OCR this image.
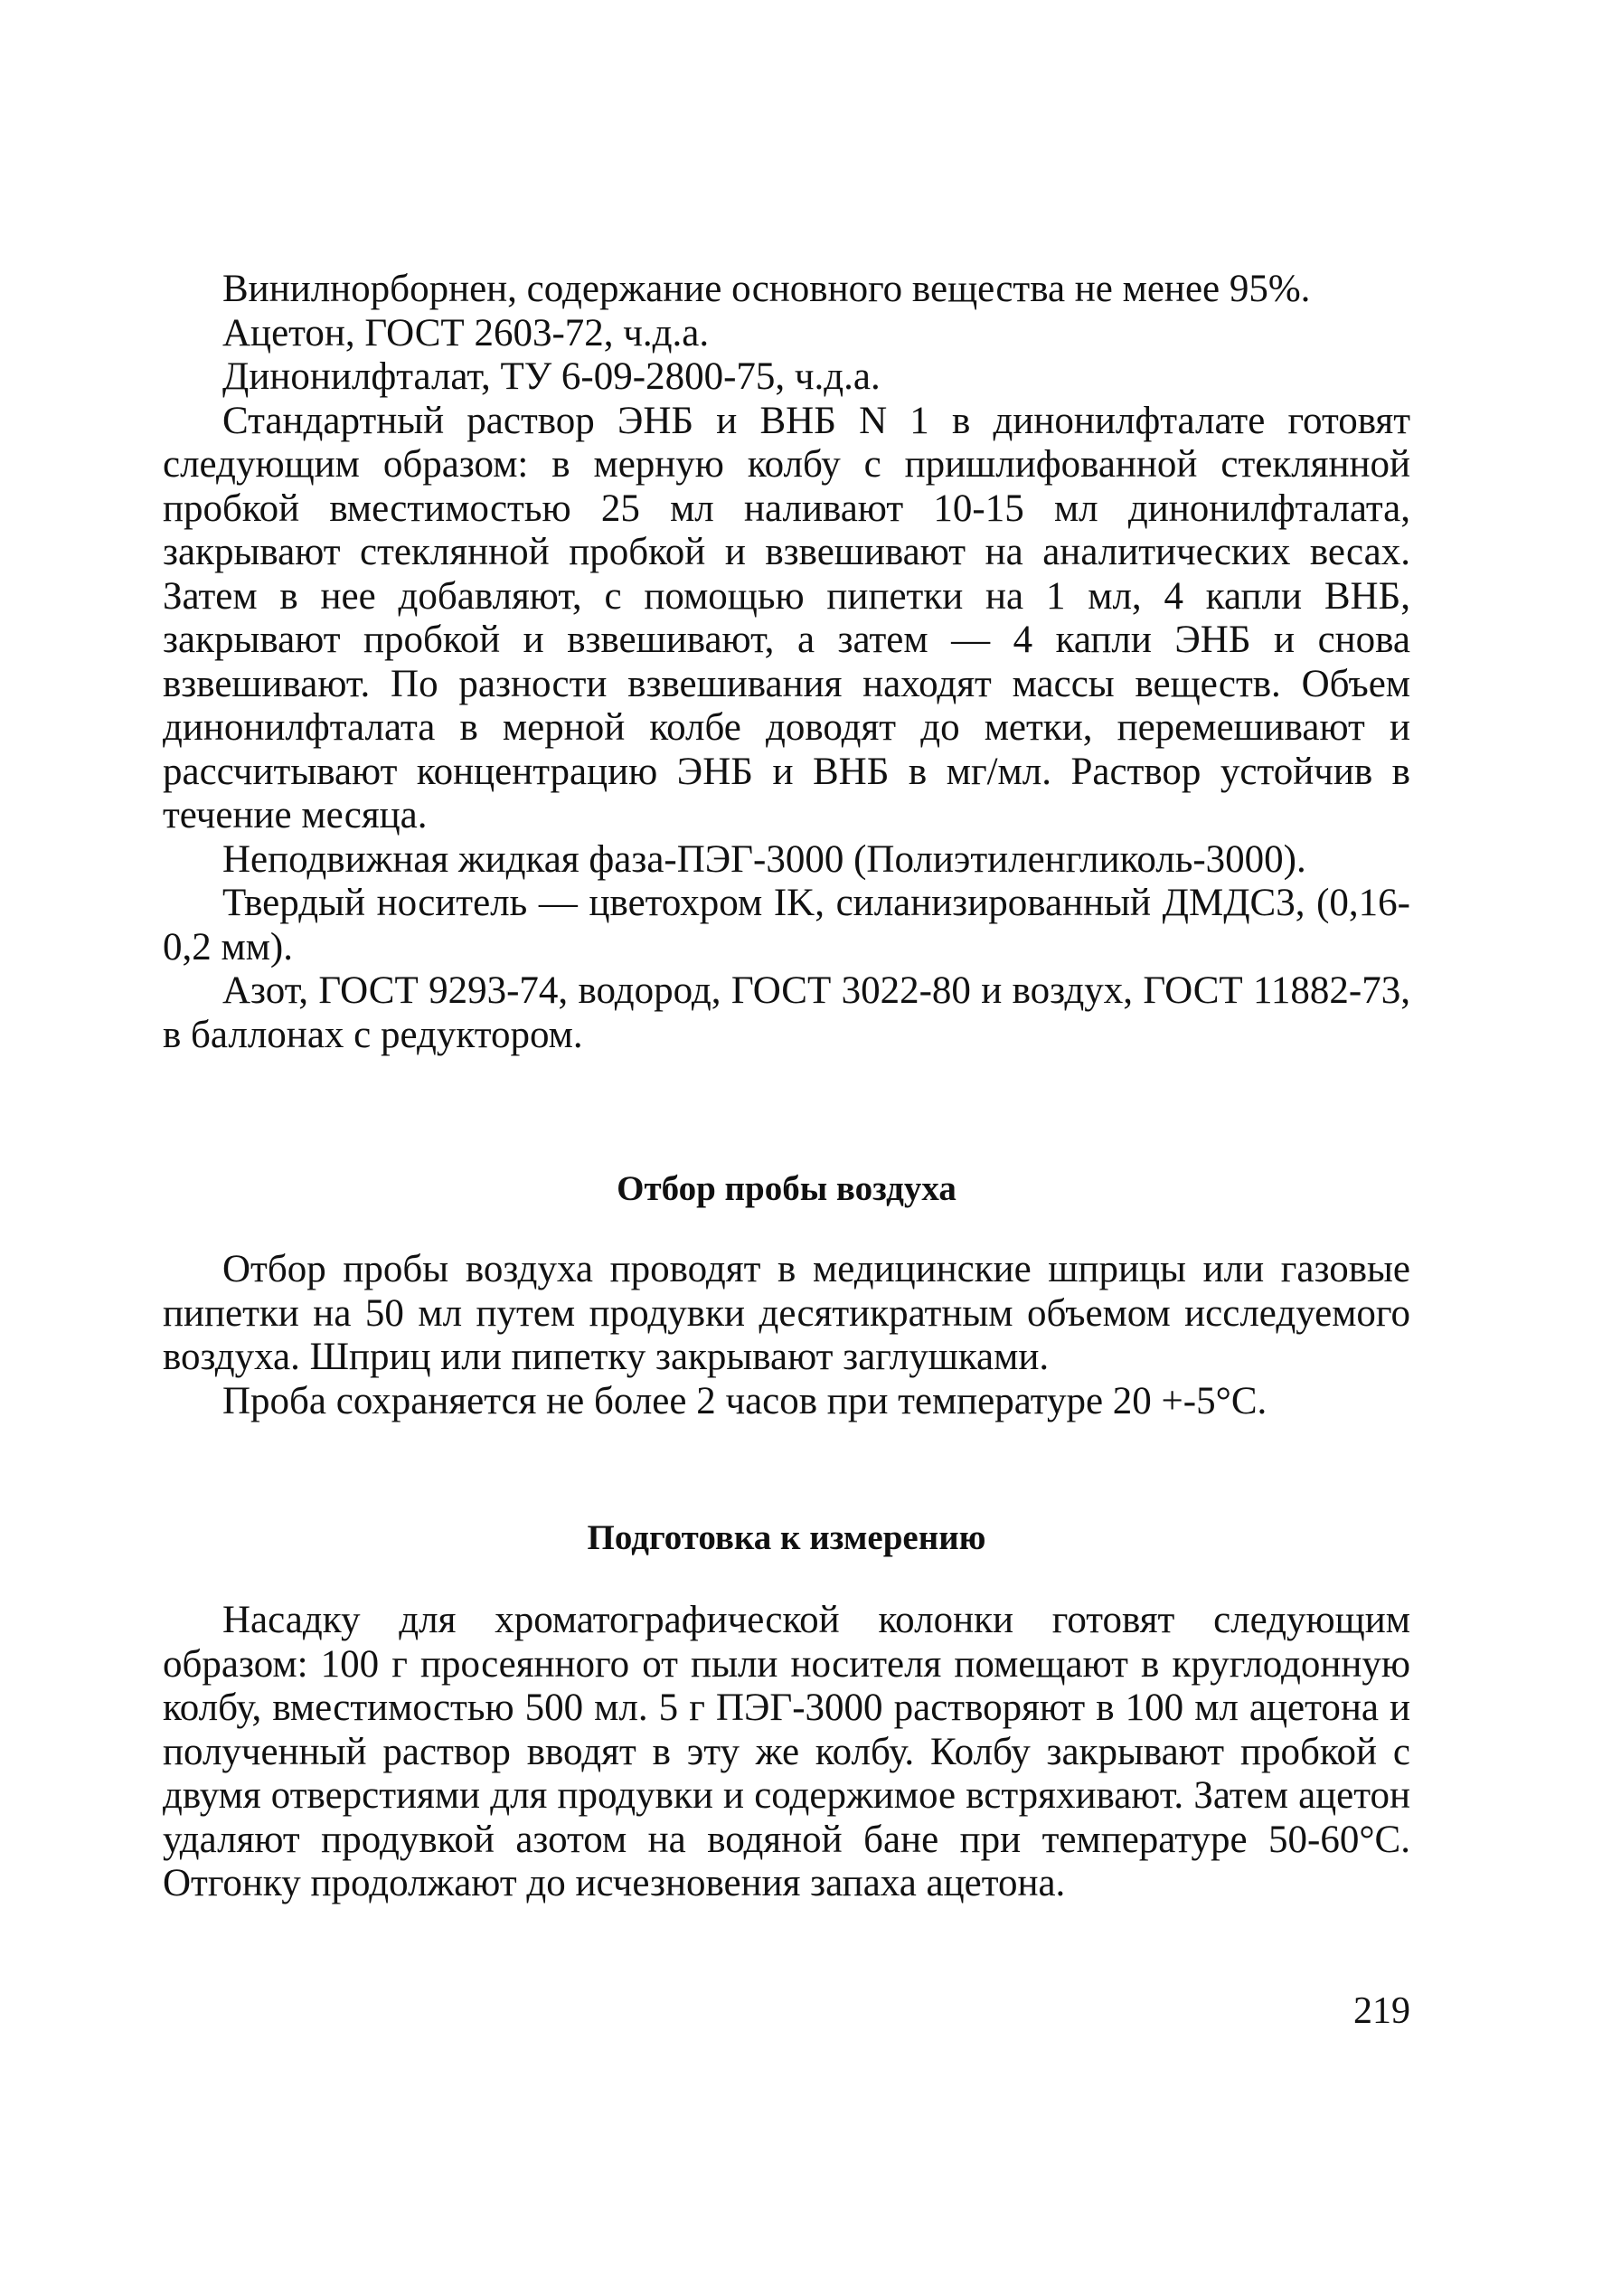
Винилнорборнен, содержание основного вещества не менее 95%.

Ацетон, ГОСТ 2603-72, ч.д.а.

Динонилфталат, ТУ 6-09-2800-75, ч.д.а.

Стандартный раствор ЭНБ и ВНБ N 1 в динонилфталате готовят следующим образом: в мерную колбу с пришлифованной стеклянной пробкой вместимостью 25 мл наливают 10-15 мл динонилфталата, закрывают стеклянной пробкой и взвешивают на аналитических весах. Затем в нее добавляют, с помощью пипетки на 1 мл, 4 капли ВНБ, закрывают пробкой и взвешивают, а затем — 4 капли ЭНБ и снова взвешивают. По разности взвешивания находят массы веществ. Объем динонилфталата в мерной колбе доводят до метки, перемешивают и рассчитывают концентрацию ЭНБ и ВНБ в мг/мл. Раствор устойчив в течение месяца.

Неподвижная жидкая фаза-ПЭГ-3000 (Полиэтиленгликоль-3000).

Твердый носитель — цветохром IK, силанизированный ДМДС3, (0,16-0,2 мм).

Азот, ГОСТ 9293-74, водород, ГОСТ 3022-80 и воздух, ГОСТ 11882-73, в баллонах с редуктором.

Отбор пробы воздуха

Отбор пробы воздуха проводят в медицинские шприцы или газовые пипетки на 50 мл путем продувки десятикратным объемом исследуемого воздуха. Шприц или пипетку закрывают заглушками.

Проба сохраняется не более 2 часов при температуре 20 +-5°С.

Подготовка к измерению

Насадку для хроматографической колонки готовят следующим образом: 100 г просеянного от пыли носителя помещают в круглодонную колбу, вместимостью 500 мл. 5 г ПЭГ-3000 растворяют в 100 мл ацетона и полученный раствор вводят в эту же колбу. Колбу закрывают пробкой с двумя отверстиями для продувки и содержимое встряхивают. Затем ацетон удаляют продувкой азотом на водяной бане при температуре 50-60°С. Отгонку продолжают до исчезновения запаха ацетона.

219
